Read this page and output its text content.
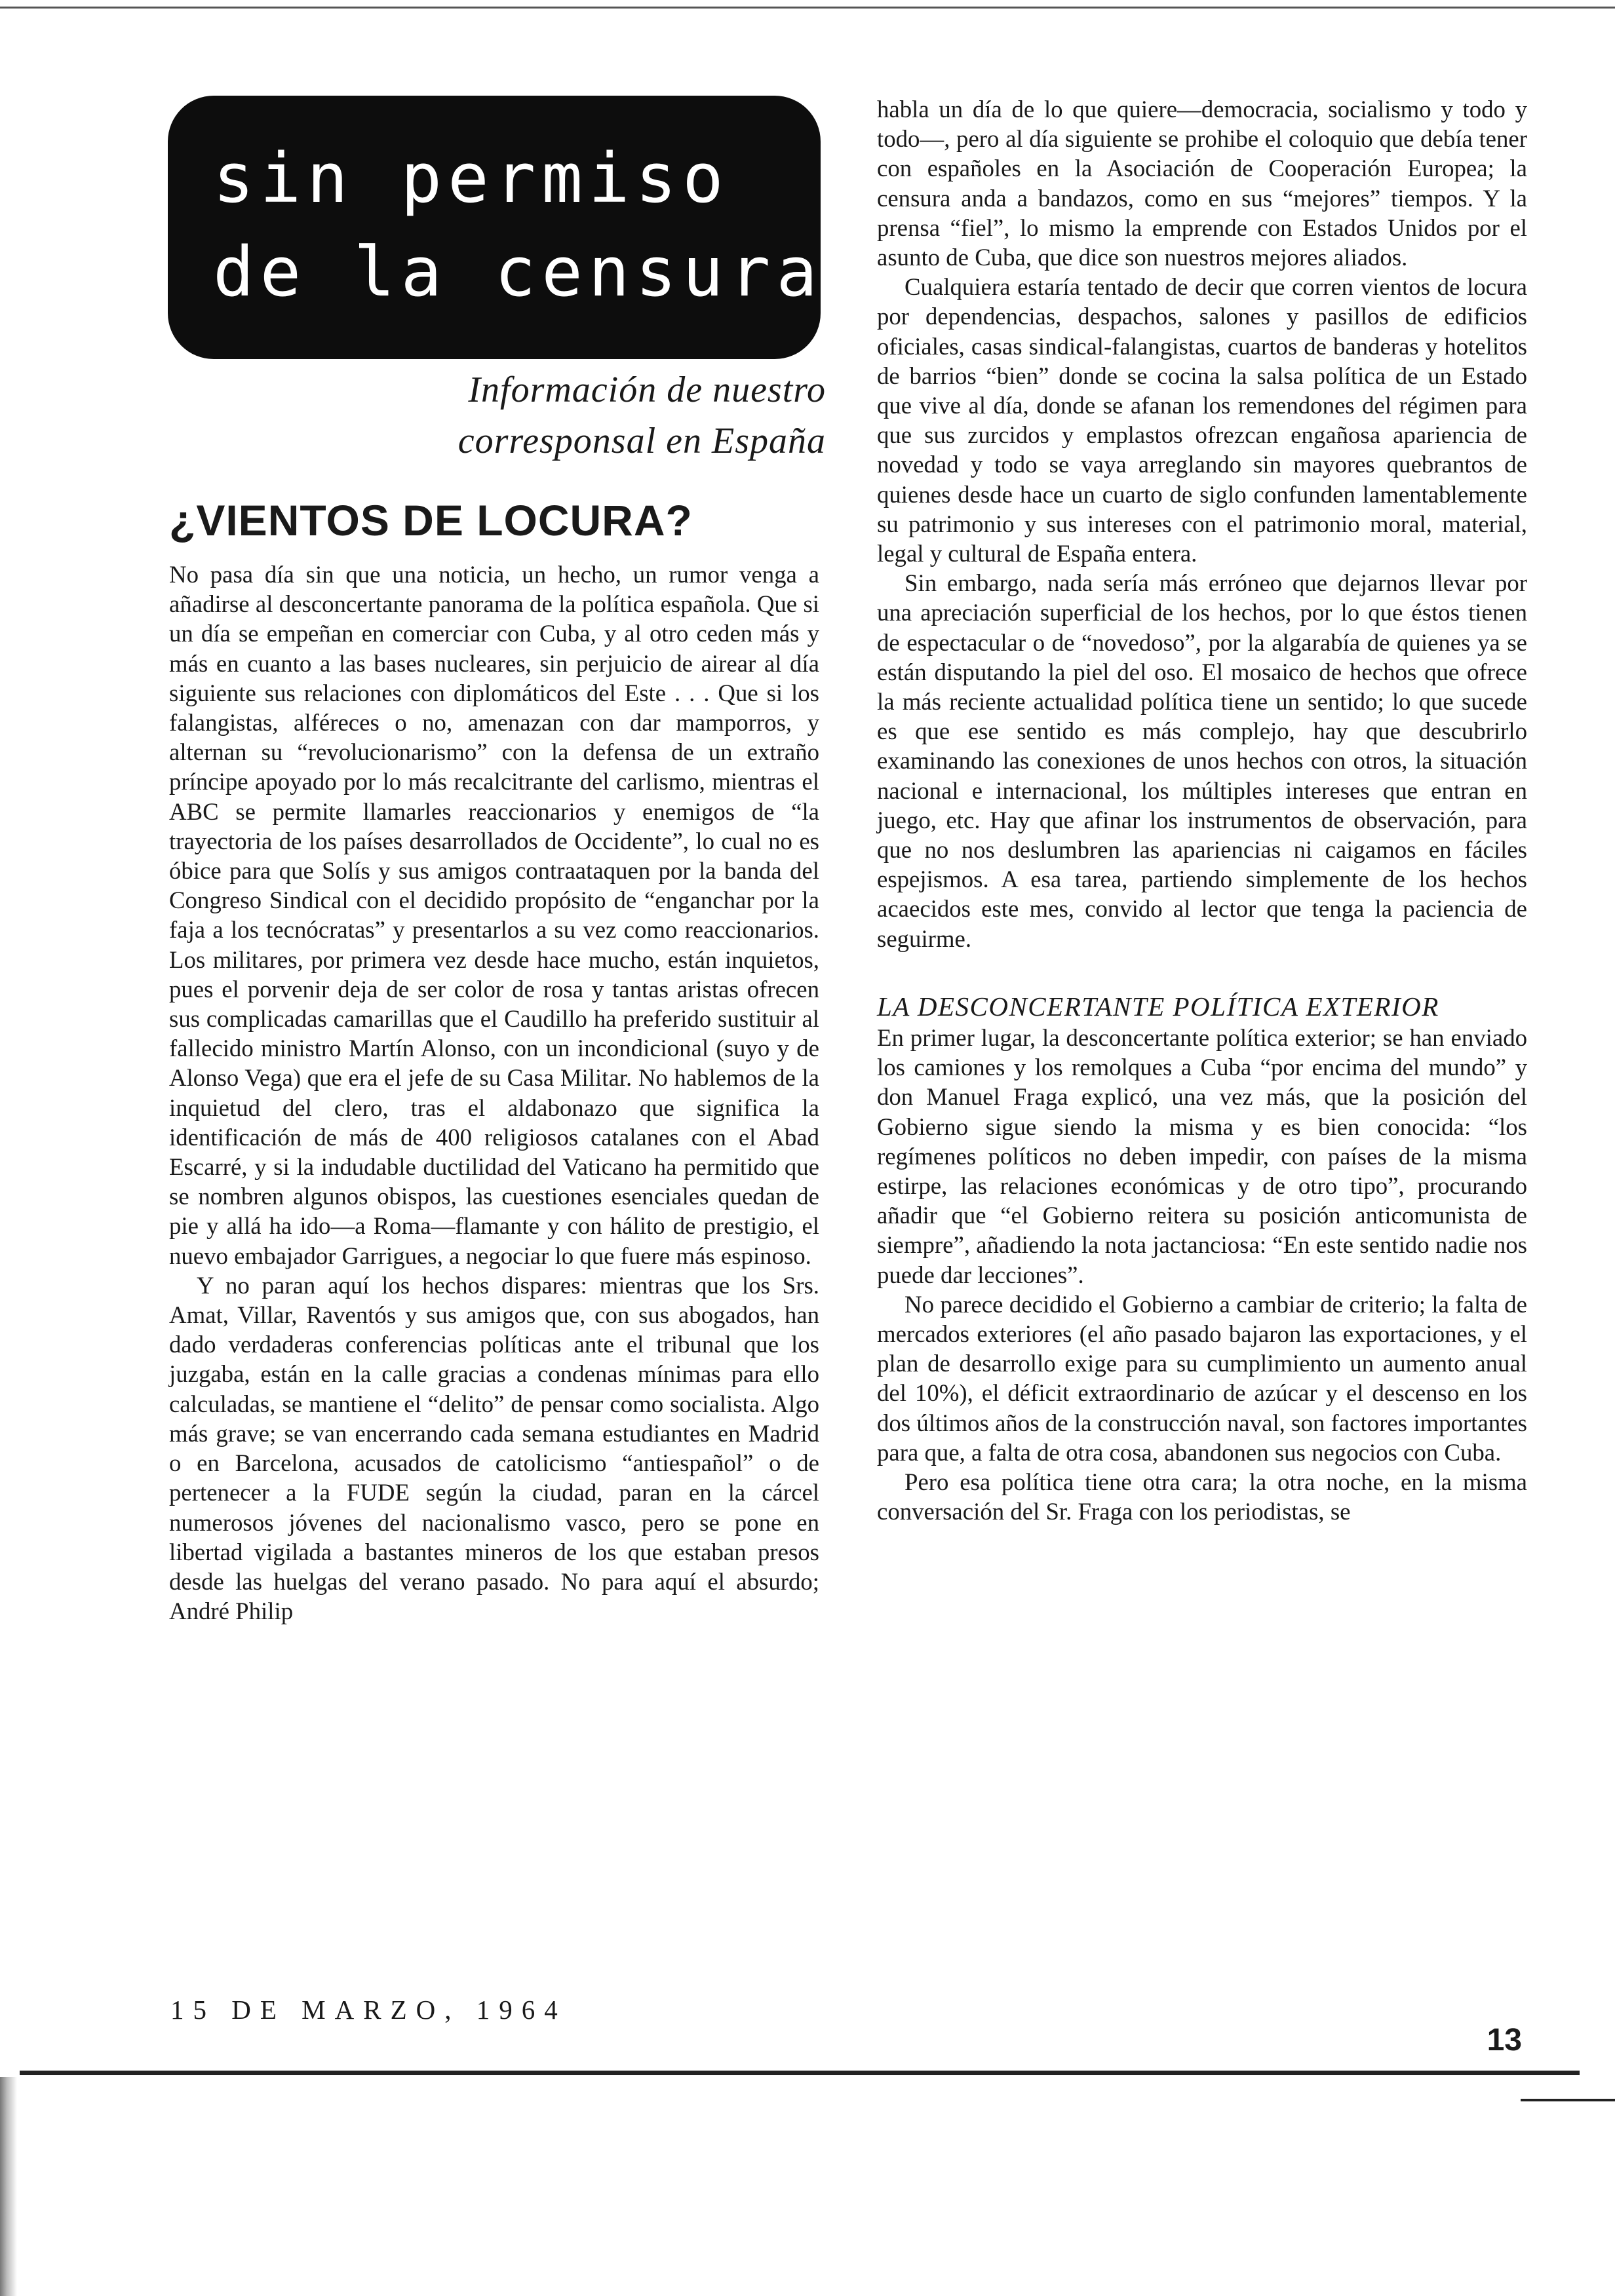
sin permiso

de la censura

Información de nuestro
corresponsal en España

¿VIENTOS DE LOCURA?

No pasa día sin que una noticia, un hecho, un rumor venga a añadirse al desconcertante panorama de la política española. Que si un día se empeñan en comerciar con Cuba, y al otro ceden más y más en cuanto a las bases nucleares, sin perjuicio de airear al día siguiente sus relaciones con diplomáticos del Este . . . Que si los falangistas, alféreces o no, amenazan con dar mamporros, y alternan su “revolucionarismo” con la defensa de un extraño príncipe apoyado por lo más recalcitrante del carlismo, mientras el ABC se permite llamarles reaccionarios y enemigos de “la trayectoria de los países desarrollados de Occidente”, lo cual no es óbice para que Solís y sus amigos contraataquen por la banda del Congreso Sindical con el decidido propósito de “enganchar por la faja a los tecnócratas” y presentarlos a su vez como reaccionarios. Los militares, por primera vez desde hace mucho, están inquietos, pues el porvenir deja de ser color de rosa y tantas aristas ofrecen sus complicadas camarillas que el Caudillo ha preferido sustituir al fallecido ministro Martín Alonso, con un incondicional (suyo y de Alonso Vega) que era el jefe de su Casa Militar. No hablemos de la inquietud del clero, tras el aldabonazo que significa la identificación de más de 400 religiosos catalanes con el Abad Escarré, y si la indudable ductilidad del Vaticano ha permitido que se nombren algunos obispos, las cuestiones esenciales quedan de pie y allá ha ido—a Roma—flamante y con hálito de prestigio, el nuevo embajador Garrigues, a negociar lo que fuere más espinoso.

Y no paran aquí los hechos dispares: mientras que los Srs. Amat, Villar, Raventós y sus amigos que, con sus abogados, han dado verdaderas conferencias políticas ante el tribunal que los juzgaba, están en la calle gracias a condenas mínimas para ello calculadas, se mantiene el “delito” de pensar como socialista. Algo más grave; se van encerrando cada semana estudiantes en Madrid o en Barcelona, acusados de catolicismo “antiespañol” o de pertenecer a la FUDE según la ciudad, paran en la cárcel numerosos jóvenes del nacionalismo vasco, pero se pone en libertad vigilada a bastantes mineros de los que estaban presos desde las huelgas del verano pasado. No para aquí el absurdo; André Philip

habla un día de lo que quiere—democracia, socialismo y todo y todo—, pero al día siguiente se prohibe el coloquio que debía tener con españoles en la Asociación de Cooperación Europea; la censura anda a bandazos, como en sus “mejores” tiempos. Y la prensa “fiel”, lo mismo la emprende con Estados Unidos por el asunto de Cuba, que dice son nuestros mejores aliados.

Cualquiera estaría tentado de decir que corren vientos de locura por dependencias, despachos, salones y pasillos de edificios oficiales, casas sindical-falangistas, cuartos de banderas y hotelitos de barrios “bien” donde se cocina la salsa política de un Estado que vive al día, donde se afanan los remendones del régimen para que sus zurcidos y emplastos ofrezcan engañosa apariencia de novedad y todo se vaya arreglando sin mayores quebrantos de quienes desde hace un cuarto de siglo confunden lamentablemente su patrimonio y sus intereses con el patrimonio moral, material, legal y cultural de España entera.

Sin embargo, nada sería más erróneo que dejarnos llevar por una apreciación superficial de los hechos, por lo que éstos tienen de espectacular o de “novedoso”, por la algarabía de quienes ya se están disputando la piel del oso. El mosaico de hechos que ofrece la más reciente actualidad política tiene un sentido; lo que sucede es que ese sentido es más complejo, hay que descubrirlo examinando las conexiones de unos hechos con otros, la situación nacional e internacional, los múltiples intereses que entran en juego, etc. Hay que afinar los instrumentos de observación, para que no nos deslumbren las apariencias ni caigamos en fáciles espejismos. A esa tarea, partiendo simplemente de los hechos acaecidos este mes, convido al lector que tenga la paciencia de seguirme.

LA DESCONCERTANTE POLÍTICA EXTERIOR

En primer lugar, la desconcertante política exterior; se han enviado los camiones y los remolques a Cuba “por encima del mundo” y don Manuel Fraga explicó, una vez más, que la posición del Gobierno sigue siendo la misma y es bien conocida: “los regímenes políticos no deben impedir, con países de la misma estirpe, las relaciones económicas y de otro tipo”, procurando añadir que “el Gobierno reitera su posición anticomunista de siempre”, añadiendo la nota jactanciosa: “En este sentido nadie nos puede dar lecciones”.

No parece decidido el Gobierno a cambiar de criterio; la falta de mercados exteriores (el año pasado bajaron las exportaciones, y el plan de desarrollo exige para su cumplimiento un aumento anual del 10%), el déficit extraordinario de azúcar y el descenso en los dos últimos años de la construcción naval, son factores importantes para que, a falta de otra cosa, abandonen sus negocios con Cuba.

Pero esa política tiene otra cara; la otra noche, en la misma conversación del Sr. Fraga con los periodistas, se

15 DE MARZO, 1964

13
